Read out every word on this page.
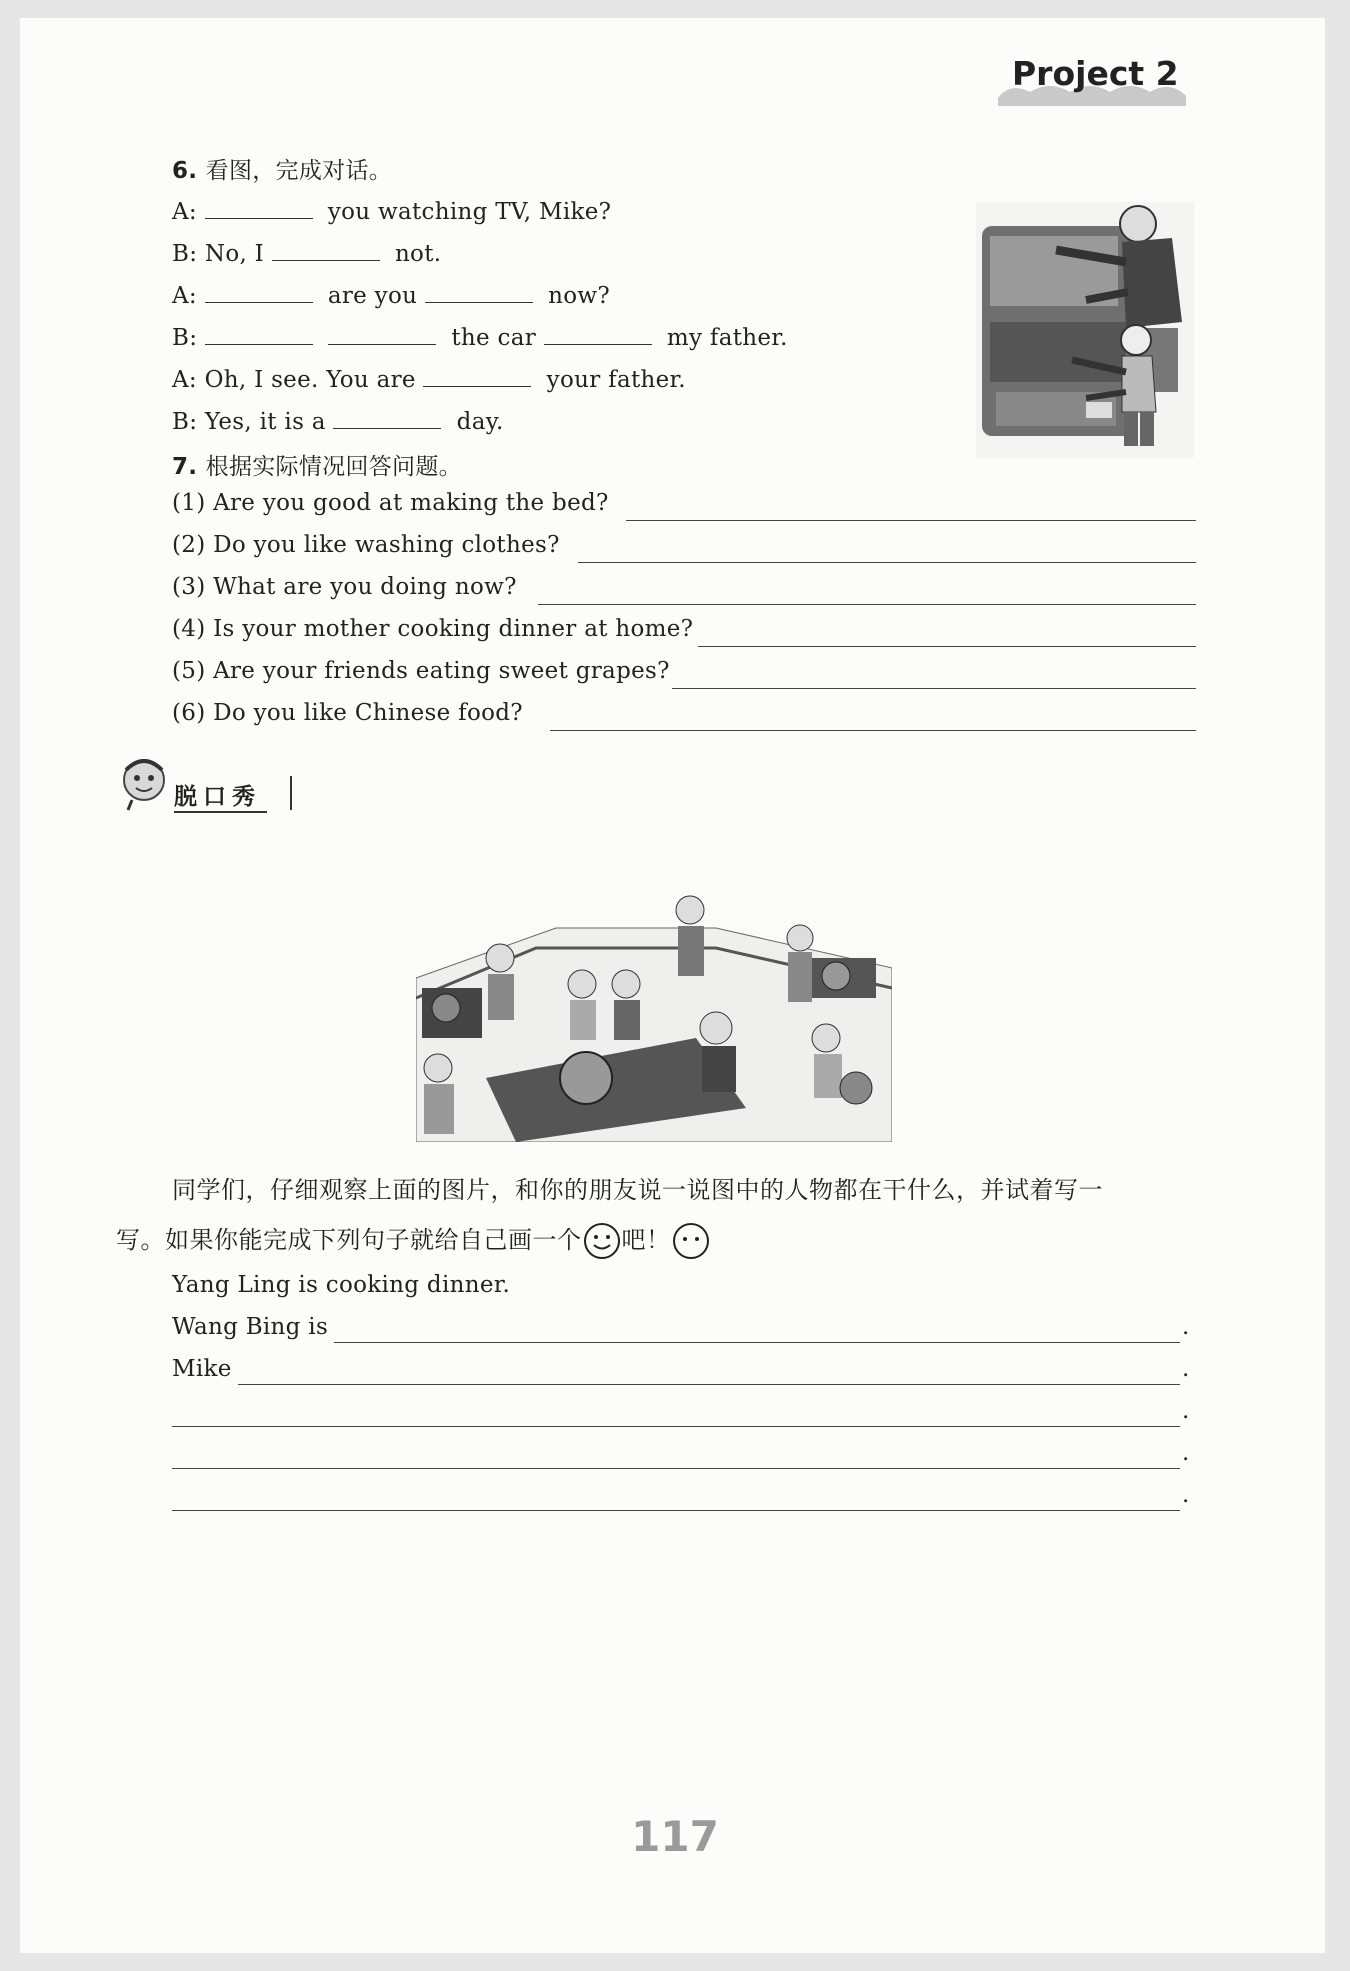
Project 2
6. 看图，完成对话。
A:	you watching TV, Mike?
B: No, I	not.
A:	are you	now?
B:	the car	my father.
A: Oh, I see. You are	your father.
B: Yes, it is a	day.
7. 根据实际情况回答问题。
(1) Are you good at making the bed?
(2) Do you like washing clothes?
(3) What are you doing now?
(4) Is your mother cooking dinner at home?
(5) Are your friends eating sweet grapes?
(6) Do you like Chinese food?
脱口秀
同学们，仔细观察上面的图片，和你的朋友说一说图中的人物都在干什么，并试着写一
写。如果你能完成下列句子就给自己画一个 吧！
Yang Ling is cooking dinner.
Wang Bing is	.
Mike	.
.
.
.
117
